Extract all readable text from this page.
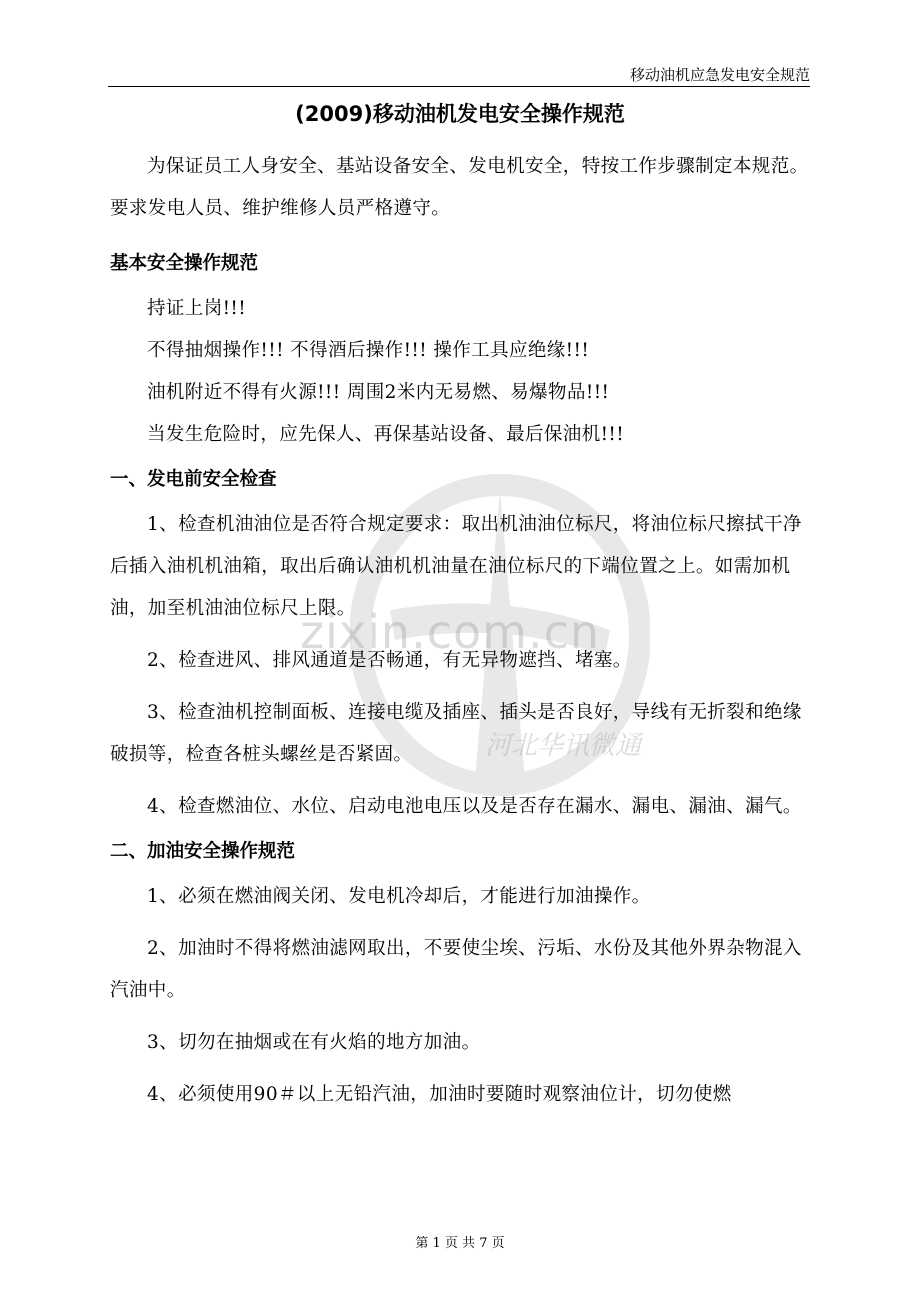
zixin.com.cn
河北华讯微通
移动油机应急发电安全规范
(2009)移动油机发电安全操作规范

为保证员工人身安全、基站设备安全、发电机安全，特按工作步骤制定本规范。要求发电人员、维护维修人员严格遵守。

基本安全操作规范

持证上岗!!!

不得抽烟操作!!! 不得酒后操作!!! 操作工具应绝缘!!!

油机附近不得有火源!!! 周围2米内无易燃、易爆物品!!!

当发生危险时，应先保人、再保基站设备、最后保油机!!!

一、发电前安全检查

1、检查机油油位是否符合规定要求：取出机油油位标尺，将油位标尺擦拭干净后插入油机机油箱，取出后确认油机机油量在油位标尺的下端位置之上。如需加机油，加至机油油位标尺上限。

2、检查进风、排风通道是否畅通，有无异物遮挡、堵塞。

3、检查油机控制面板、连接电缆及插座、插头是否良好，导线有无折裂和绝缘破损等，检查各桩头螺丝是否紧固。

4、检查燃油位、水位、启动电池电压以及是否存在漏水、漏电、漏油、漏气。

二、加油安全操作规范

1、必须在燃油阀关闭、发电机冷却后，才能进行加油操作。

2、加油时不得将燃油滤网取出，不要使尘埃、污垢、水份及其他外界杂物混入汽油中。

3、切勿在抽烟或在有火焰的地方加油。

4、必须使用90＃以上无铅汽油，加油时要随时观察油位计，切勿使燃

第 1 页 共 7 页
